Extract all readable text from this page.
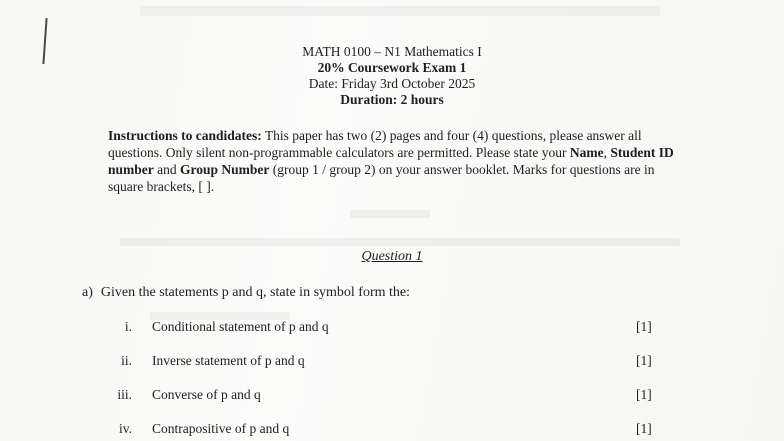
MATH 0100 – N1 Mathematics I
20% Coursework Exam 1
Date: Friday 3rd October 2025
Duration: 2 hours
Instructions to candidates: This paper has two (2) pages and four (4) questions, please answer all questions. Only silent non-programmable calculators are permitted. Please state your Name, Student ID number and Group Number (group 1 / group 2) on your answer booklet. Marks for questions are in square brackets, [ ].
Question 1
a) Given the statements p and q, state in symbol form the:
i. Conditional statement of p and q	[1]
ii. Inverse statement of p and q	[1]
iii. Converse of p and q	[1]
iv. Contrapositive of p and q	[1]
